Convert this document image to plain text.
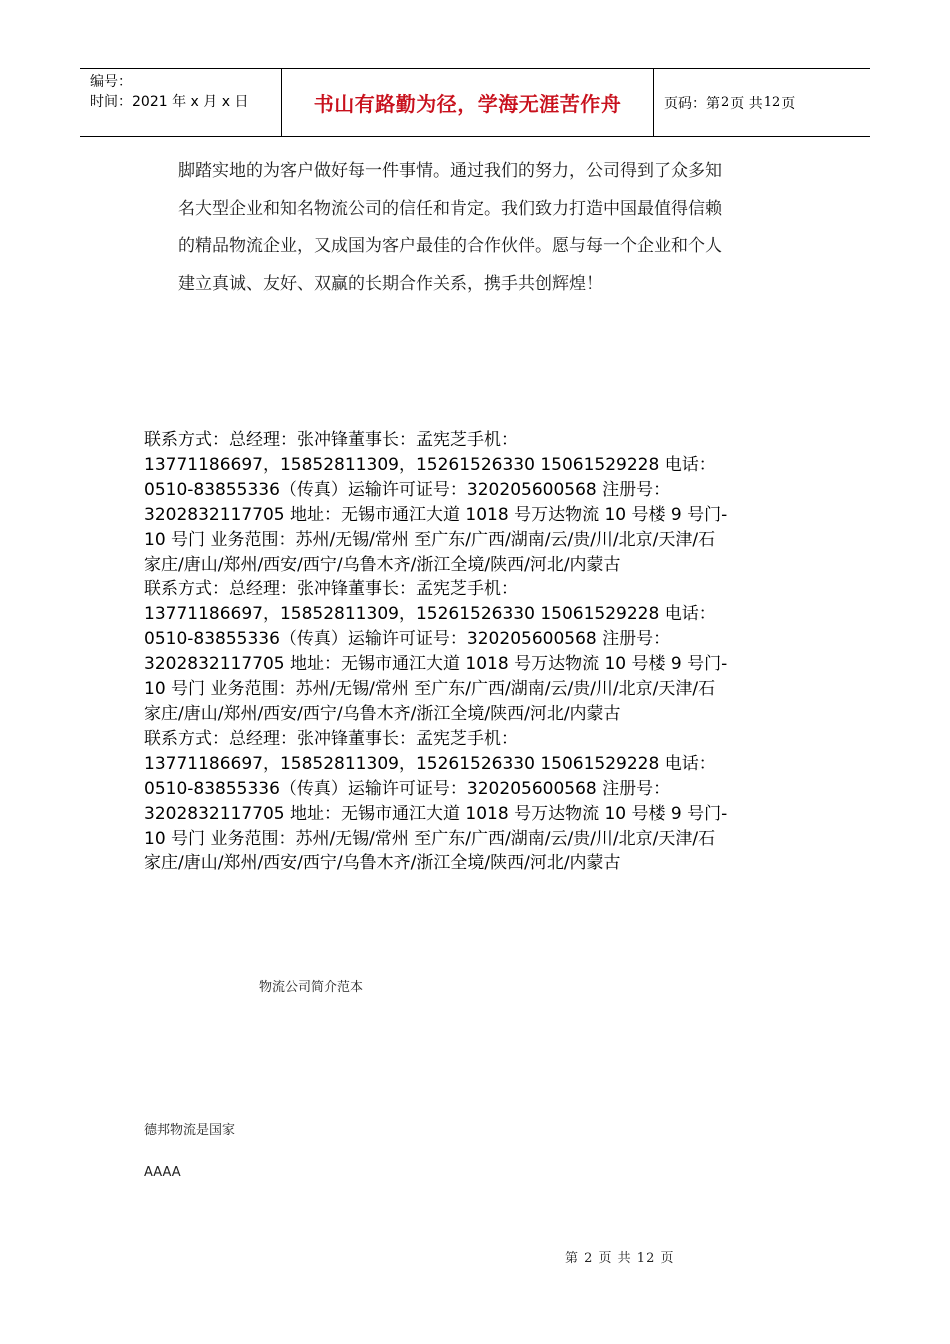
编号：
时间：2021 年 x 月 x 日	书山有路勤为径，学海无涯苦作舟	页码：第 2 页 共 12 页

脚踏实地的为客户做好每一件事情。通过我们的努力，公司得到了众多知

名大型企业和知名物流公司的信任和肯定。我们致力打造中国最值得信赖

的精品物流企业，又成国为客户最佳的合作伙伴。愿与每一个企业和个人

建立真诚、友好、双赢的长期合作关系，携手共创辉煌！

联系方式：总经理：张冲锋董事长：孟宪芝手机：
13771186697，15852811309，15261526330 15061529228 电话：
0510-83855336（传真）运输许可证号：320205600568 注册号：
3202832117705 地址：无锡市通江大道 1018 号万达物流 10 号楼 9 号门-
10 号门 业务范围：苏州/无锡/常州 至广东/广西/湖南/云/贵/川/北京/天津/石
家庄/唐山/郑州/西安/西宁/乌鲁木齐/浙江全境/陕西/河北/内蒙古
联系方式：总经理：张冲锋董事长：孟宪芝手机：
13771186697，15852811309，15261526330 15061529228 电话：
0510-83855336（传真）运输许可证号：320205600568 注册号：
3202832117705 地址：无锡市通江大道 1018 号万达物流 10 号楼 9 号门-
10 号门 业务范围：苏州/无锡/常州 至广东/广西/湖南/云/贵/川/北京/天津/石
家庄/唐山/郑州/西安/西宁/乌鲁木齐/浙江全境/陕西/河北/内蒙古
联系方式：总经理：张冲锋董事长：孟宪芝手机：
13771186697，15852811309，15261526330 15061529228 电话：
0510-83855336（传真）运输许可证号：320205600568 注册号：
3202832117705 地址：无锡市通江大道 1018 号万达物流 10 号楼 9 号门-
10 号门 业务范围：苏州/无锡/常州 至广东/广西/湖南/云/贵/川/北京/天津/石
家庄/唐山/郑州/西安/西宁/乌鲁木齐/浙江全境/陕西/河北/内蒙古
物流公司简介范本
德邦物流是国家
AAAA
第 2 页 共 12 页
